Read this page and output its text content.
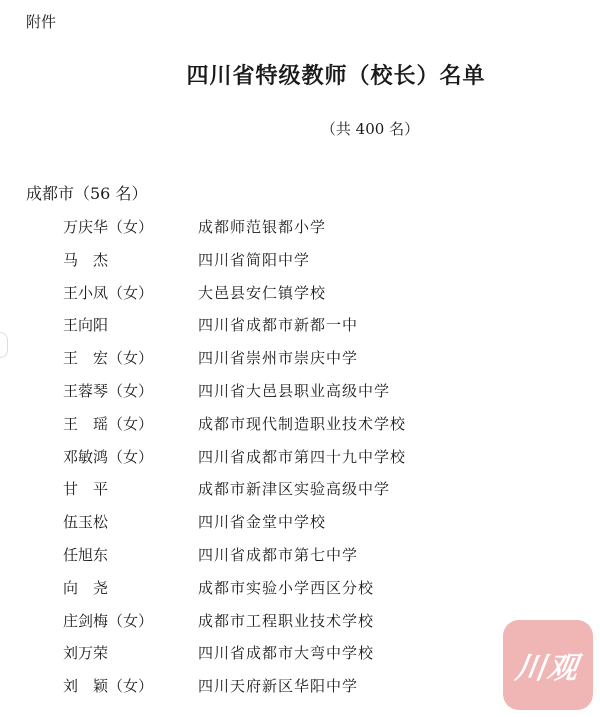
附件
四川省特级教师（校长）名单
（共 400 名）
成都市（56 名）
万庆华（女）	成都师范银都小学
马　杰	四川省简阳中学
王小凤（女）	大邑县安仁镇学校
王向阳	四川省成都市新都一中
王　宏（女）	四川省崇州市崇庆中学
王蓉琴（女）	四川省大邑县职业高级中学
王　瑶（女）	成都市现代制造职业技术学校
邓敏鸿（女）	四川省成都市第四十九中学校
甘　平	成都市新津区实验高级中学
伍玉松	四川省金堂中学校
任旭东	四川省成都市第七中学
向　尧	成都市实验小学西区分校
庄剑梅（女）	成都市工程职业技术学校
刘万荣	四川省成都市大弯中学校
刘　颖（女）	四川天府新区华阳中学
川观
